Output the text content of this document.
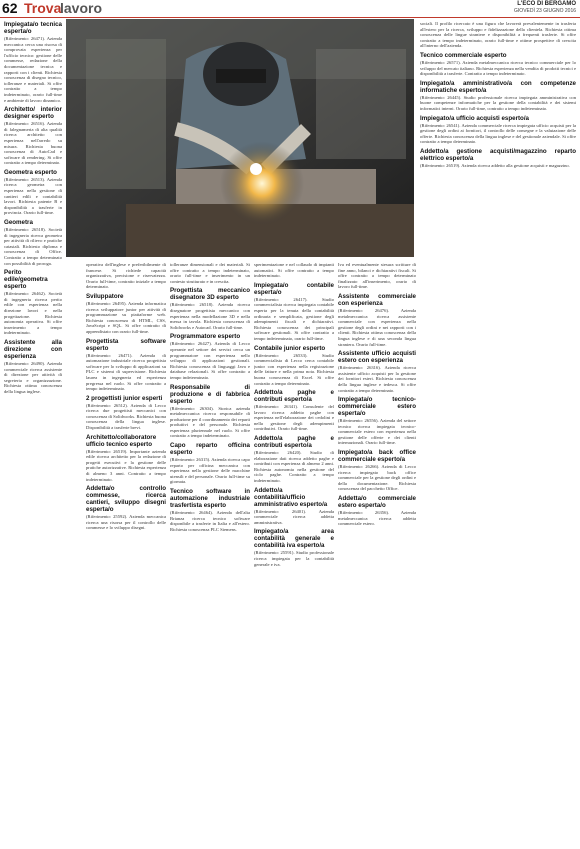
62 Trova
lavoro	L'ECO DI BERGAMO
GIOVEDÌ 23 GIUGNO 2016
Impiegata/o tecnica esperta/o
(Riferimento: 26471). Azienda meccanica cerca una risorsa di comprovata esperienza per l'ufficio tecnico: gestione delle commesse, redazione della documentazione tecnica e rapporti con i clienti. Richiesta conoscenza di disegno tecnico, tolleranze e materiali. Si offre contratto a tempo indeterminato, orario full-time e ambiente di lavoro dinamico.
Architetto/ interior designer esperto
(Riferimento: 26516). Azienda di falegnameria di alta qualità ricerca architetto con esperienza nell'arredo su misura. Richiesta buona conoscenza di AutoCad e software di rendering. Si offre contratto a tempo determinato.
Geometra esperto
(Riferimento: 26513). Azienda ricerca geometra con esperienza nella gestione di cantieri edili e contabilità lavori. Richiesta patente B e disponibilità a trasferte in provincia. Orario full-time.
Geometra
(Riferimento: 26518). Società di ingegneria ricerca geometra per attività di rilievo e pratiche catastali. Richiesto diploma e conoscenza di Office. Contratto a tempo determinato con possibilità di proroga.
Perito edile/geometra esperto
(Riferimento: 26462). Società di ingegneria ricerca perito edile con esperienza nella direzione lavori e nella progettazione. Richiesta autonomia operativa. Si offre inserimento a tempo indeterminato.
Assistente alla direzione con esperienza
(Riferimento: 26490). Azienda commerciale ricerca assistente di direzione per attività di segreteria e organizzazione. Richiesta ottima conoscenza della lingua inglese.
operativa dell'inglese e preferibilmente di francese. Si richiede capacità organizzativa, precisione e riservatezza. Orario full-time, contratto iniziale a tempo determinato.
Sviluppatore
(Riferimento: 26495). Azienda informatica ricerca sviluppatore junior per attività di programmazione su piattaforme web. Richiesta conoscenza di HTML, CSS, JavaScript e SQL. Si offre contratto di apprendistato con orario full-time.
Progettista software esperto
(Riferimento: 26471). Azienda di automazione industriale ricerca progettista software per lo sviluppo di applicazioni su PLC e sistemi di supervisione. Richiesta laurea in ingegneria ed esperienza pregressa nel ruolo. Si offre contratto a tempo indeterminato.
2 progettisti junior esperti
(Riferimento: 26512). Azienda di Lecco ricerca due progettisti meccanici con conoscenza di Solidworks. Richiesta buona conoscenza della lingua inglese. Disponibilità a trasferte brevi.
Architetto/collaboratore ufficio tecnico esperto
(Riferimento: 26519). Importante azienda edile ricerca architetto per la redazione di progetti esecutivi e la gestione delle pratiche autorizzative. Richiesta esperienza di almeno 3 anni. Contratto a tempo indeterminato.
Addetta/o controllo commesse, ricerca cantieri, sviluppo disegni esperta/o
(Riferimento: 25592). Azienda meccanica ricerca una risorsa per il controllo delle commesse e lo sviluppo disegni.
tolleranze dimensionali e dei materiali. Si offre contratto a tempo indeterminato, orario full-time e inserimento in un contesto strutturato e in crescita.
Progettista meccanico disegnatore 3D esperto
(Riferimento: 26518). Azienda ricerca disegnatore progettista meccanico con esperienza nella modellazione 3D e nella messa in tavola. Richiesta conoscenza di Solidworks e Autocad. Orario full-time.
Programmatore esperto
(Riferimento: 26427). Azienda di Lecco operante nel settore dei servizi cerca un programmatore con esperienza nello sviluppo di applicazioni gestionali. Richiesta conoscenza di linguaggi Java e database relazionali. Si offre contratto a tempo indeterminato.
Responsabile di produzione e di fabbrica esperto
(Riferimento: 26304). Storica azienda metalmeccanica ricerca responsabile di produzione per il coordinamento dei reparti produttivi e del personale. Richiesta esperienza pluriennale nel ruolo. Si offre contratto a tempo indeterminato.
Capo reparto officina esperto
(Riferimento: 26315). Azienda ricerca capo reparto per officina meccanica con esperienza nella gestione delle macchine utensili e del personale. Orario full-time su giornata.
Tecnico software in automazione industriale trasfertista esperto
(Riferimento: 26464). Azienda dell'alta Brianza ricerca tecnico software disponibile a trasferte in Italia e all'estero. Richiesta conoscenza PLC Siemens.
sperimentazione e nel collaudo di impianti automatici. Si offre contratto a tempo indeterminato.
Impiegata/o contabile esperta/o
(Riferimento: 26417). Studio commercialista ricerca impiegata contabile esperta per la tenuta della contabilità ordinaria e semplificata, gestione degli adempimenti fiscali e dichiarativi. Richiesta conoscenza dei principali software gestionali. Si offre contratto a tempo indeterminato, orario full-time.
Contabile junior esperto
(Riferimento: 26533). Studio commercialista di Lecco cerca contabile junior con esperienza nella registrazione delle fatture e nella prima nota. Richiesta buona conoscenza di Excel. Si offre contratto a tempo determinato.
Addetto/a paghe e contributi esperto/a
(Riferimento: 26341). Consulente del lavoro ricerca addetto paghe con esperienza nell'elaborazione dei cedolini e nella gestione degli adempimenti contributivi. Orario full-time.
Addetto/a paghe e contributi esperto/a
(Riferimento: 26420). Studio di elaborazione dati ricerca addetto paghe e contributi con esperienza di almeno 2 anni. Richiesta autonomia nella gestione del ciclo paghe. Contratto a tempo indeterminato.
Addetto/a contabilità/ufficio amministrativo esperto/a
(Riferimento: 26401). Azienda commerciale ricerca addetta amministrativa.
Impiegato/a area contabilità generale e contabilità iva esperto/a
(Riferimento: 25591). Studio professionale ricerca impiegata per la contabilità generale e iva.
Iva ed eventualmente stesura scritture di fine anno, bilanci e dichiarativi fiscali. Si offre contratto a tempo determinato finalizzato all'inserimento, orario di lavoro full-time.
Assistente commerciale con esperienza
(Riferimento: 26476). Azienda metalmeccanica ricerca assistente commerciale con esperienza nella gestione degli ordini e nei rapporti con i clienti. Richiesta ottima conoscenza della lingua inglese e di una seconda lingua straniera. Orario full-time.
Assistente ufficio acquisti estero con esperienza
(Riferimento: 26316). Azienda ricerca assistente ufficio acquisti per la gestione dei fornitori esteri. Richiesta conoscenza della lingua inglese e tedesca. Si offre contratto a tempo determinato.
Impiegata/o tecnico-commerciale estero esperta/o
(Riferimento: 26556). Azienda del settore tecnico ricerca impiegata tecnico-commerciale estero con esperienza nella gestione delle offerte e dei clienti internazionali. Orario full-time.
Impiegato/a back office commerciale esperto/a
(Riferimento: 26266). Azienda di Lecco ricerca impiegato back office commerciale per la gestione degli ordini e della documentazione. Richiesta conoscenza del pacchetto Office.
Addetta/o commerciale estero esperta/o
(Riferimento: 26356). Azienda metalmeccanica ricerca addetta commerciale estero.
sociali. Il profilo ricercato è una figura che lavorerà prevalentemente in trasferta all'estero per la ricerca, sviluppo e fidelizzazione della clientela. Richiesta ottima conoscenza delle lingue straniere e disponibilità a frequenti trasferte. Si offre contratto a tempo indeterminato, orario full-time e ottime prospettive di crescita all'interno dell'azienda.
Tecnico commerciale esperto
(Riferimento: 26571). Azienda metalmeccanica ricerca tecnico commerciale per lo sviluppo del mercato italiano. Richiesta esperienza nella vendita di prodotti tecnici e disponibilità a trasferte. Contratto a tempo indeterminato.
Impiegato/a amministrativo/a con competenze informatiche esperto/a
(Riferimento: 26445). Studio professionale ricerca impiegata amministrativa con buone competenze informatiche per la gestione della contabilità e dei sistemi informatici interni. Orario full-time, contratto a tempo indeterminato.
Impiegato/a ufficio acquisti esperto/a
(Riferimento: 26541). Azienda commerciale ricerca impiegata ufficio acquisti per la gestione degli ordini ai fornitori, il controllo delle consegne e la valutazione delle offerte. Richiesta conoscenza della lingua inglese e del gestionale aziendale. Si offre contratto a tempo determinato.
Addetto/a gestione acquisti/magazzino reparto elettrico esperto/a
(Riferimento: 26519). Azienda ricerca addetto alla gestione acquisti e magazzino.
